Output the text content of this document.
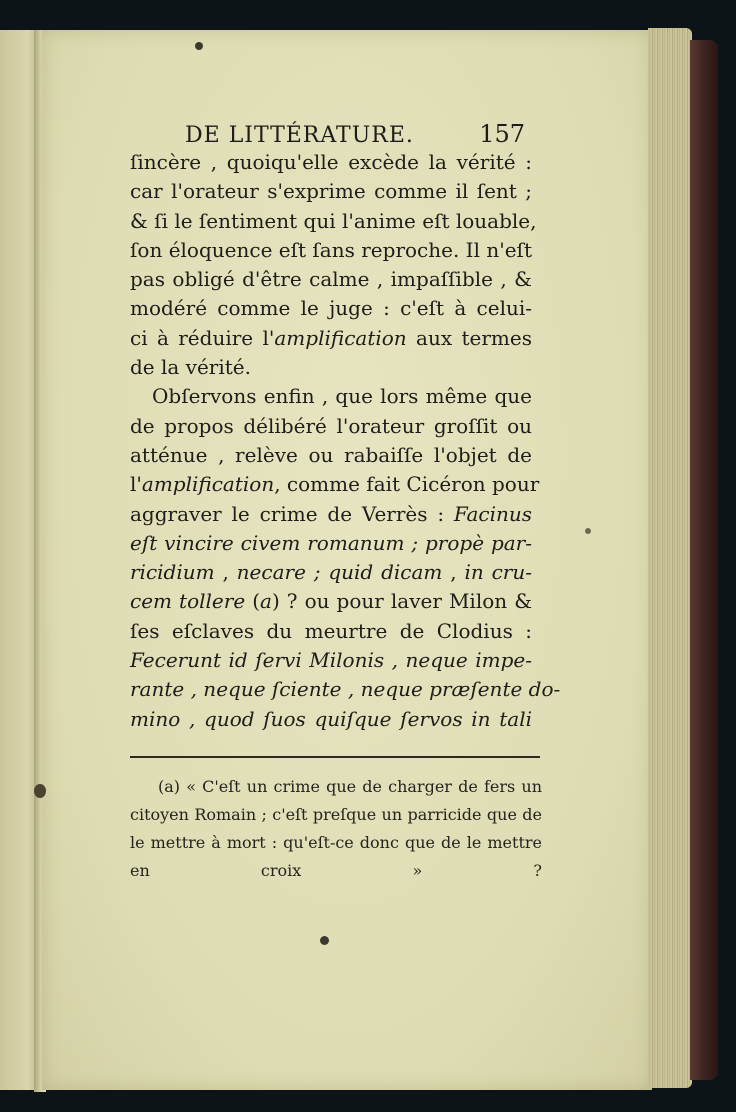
DE LITTÉRATURE.	157

ſincère , quoiqu'elle excède la vérité :
car l'orateur s'exprime comme il ſent ;
& ſi le ſentiment qui l'anime eſt louable,
ſon éloquence eſt ſans reproche. Il n'eſt
pas obligé d'être calme , impaſſible , &
modéré comme le juge : c'eſt à celui-
ci à réduire l'amplification aux termes
de la vérité.

Obſervons enfin , que lors même que
de propos délibéré l'orateur groſſit ou
atténue , relève ou rabaiſſe l'objet de
l'amplification, comme fait Cicéron pour
aggraver le crime de Verrès : Facinus
eſt vincire civem romanum ; propè par-
ricidium , necare ; quid dicam , in cru-
cem tollere (a) ? ou pour laver Milon &
ſes eſclaves du meurtre de Clodius :
Fecerunt id ſervi Milonis , neque impe-
rante , neque ſciente , neque præſente do-
mino , quod ſuos quiſque ſervos in tali

(a) « C'eſt un crime que de charger de fers un
citoyen Romain ; c'eſt preſque un parricide que de
le mettre à mort : qu'eſt-ce donc que de le mettre
en croix » ?
